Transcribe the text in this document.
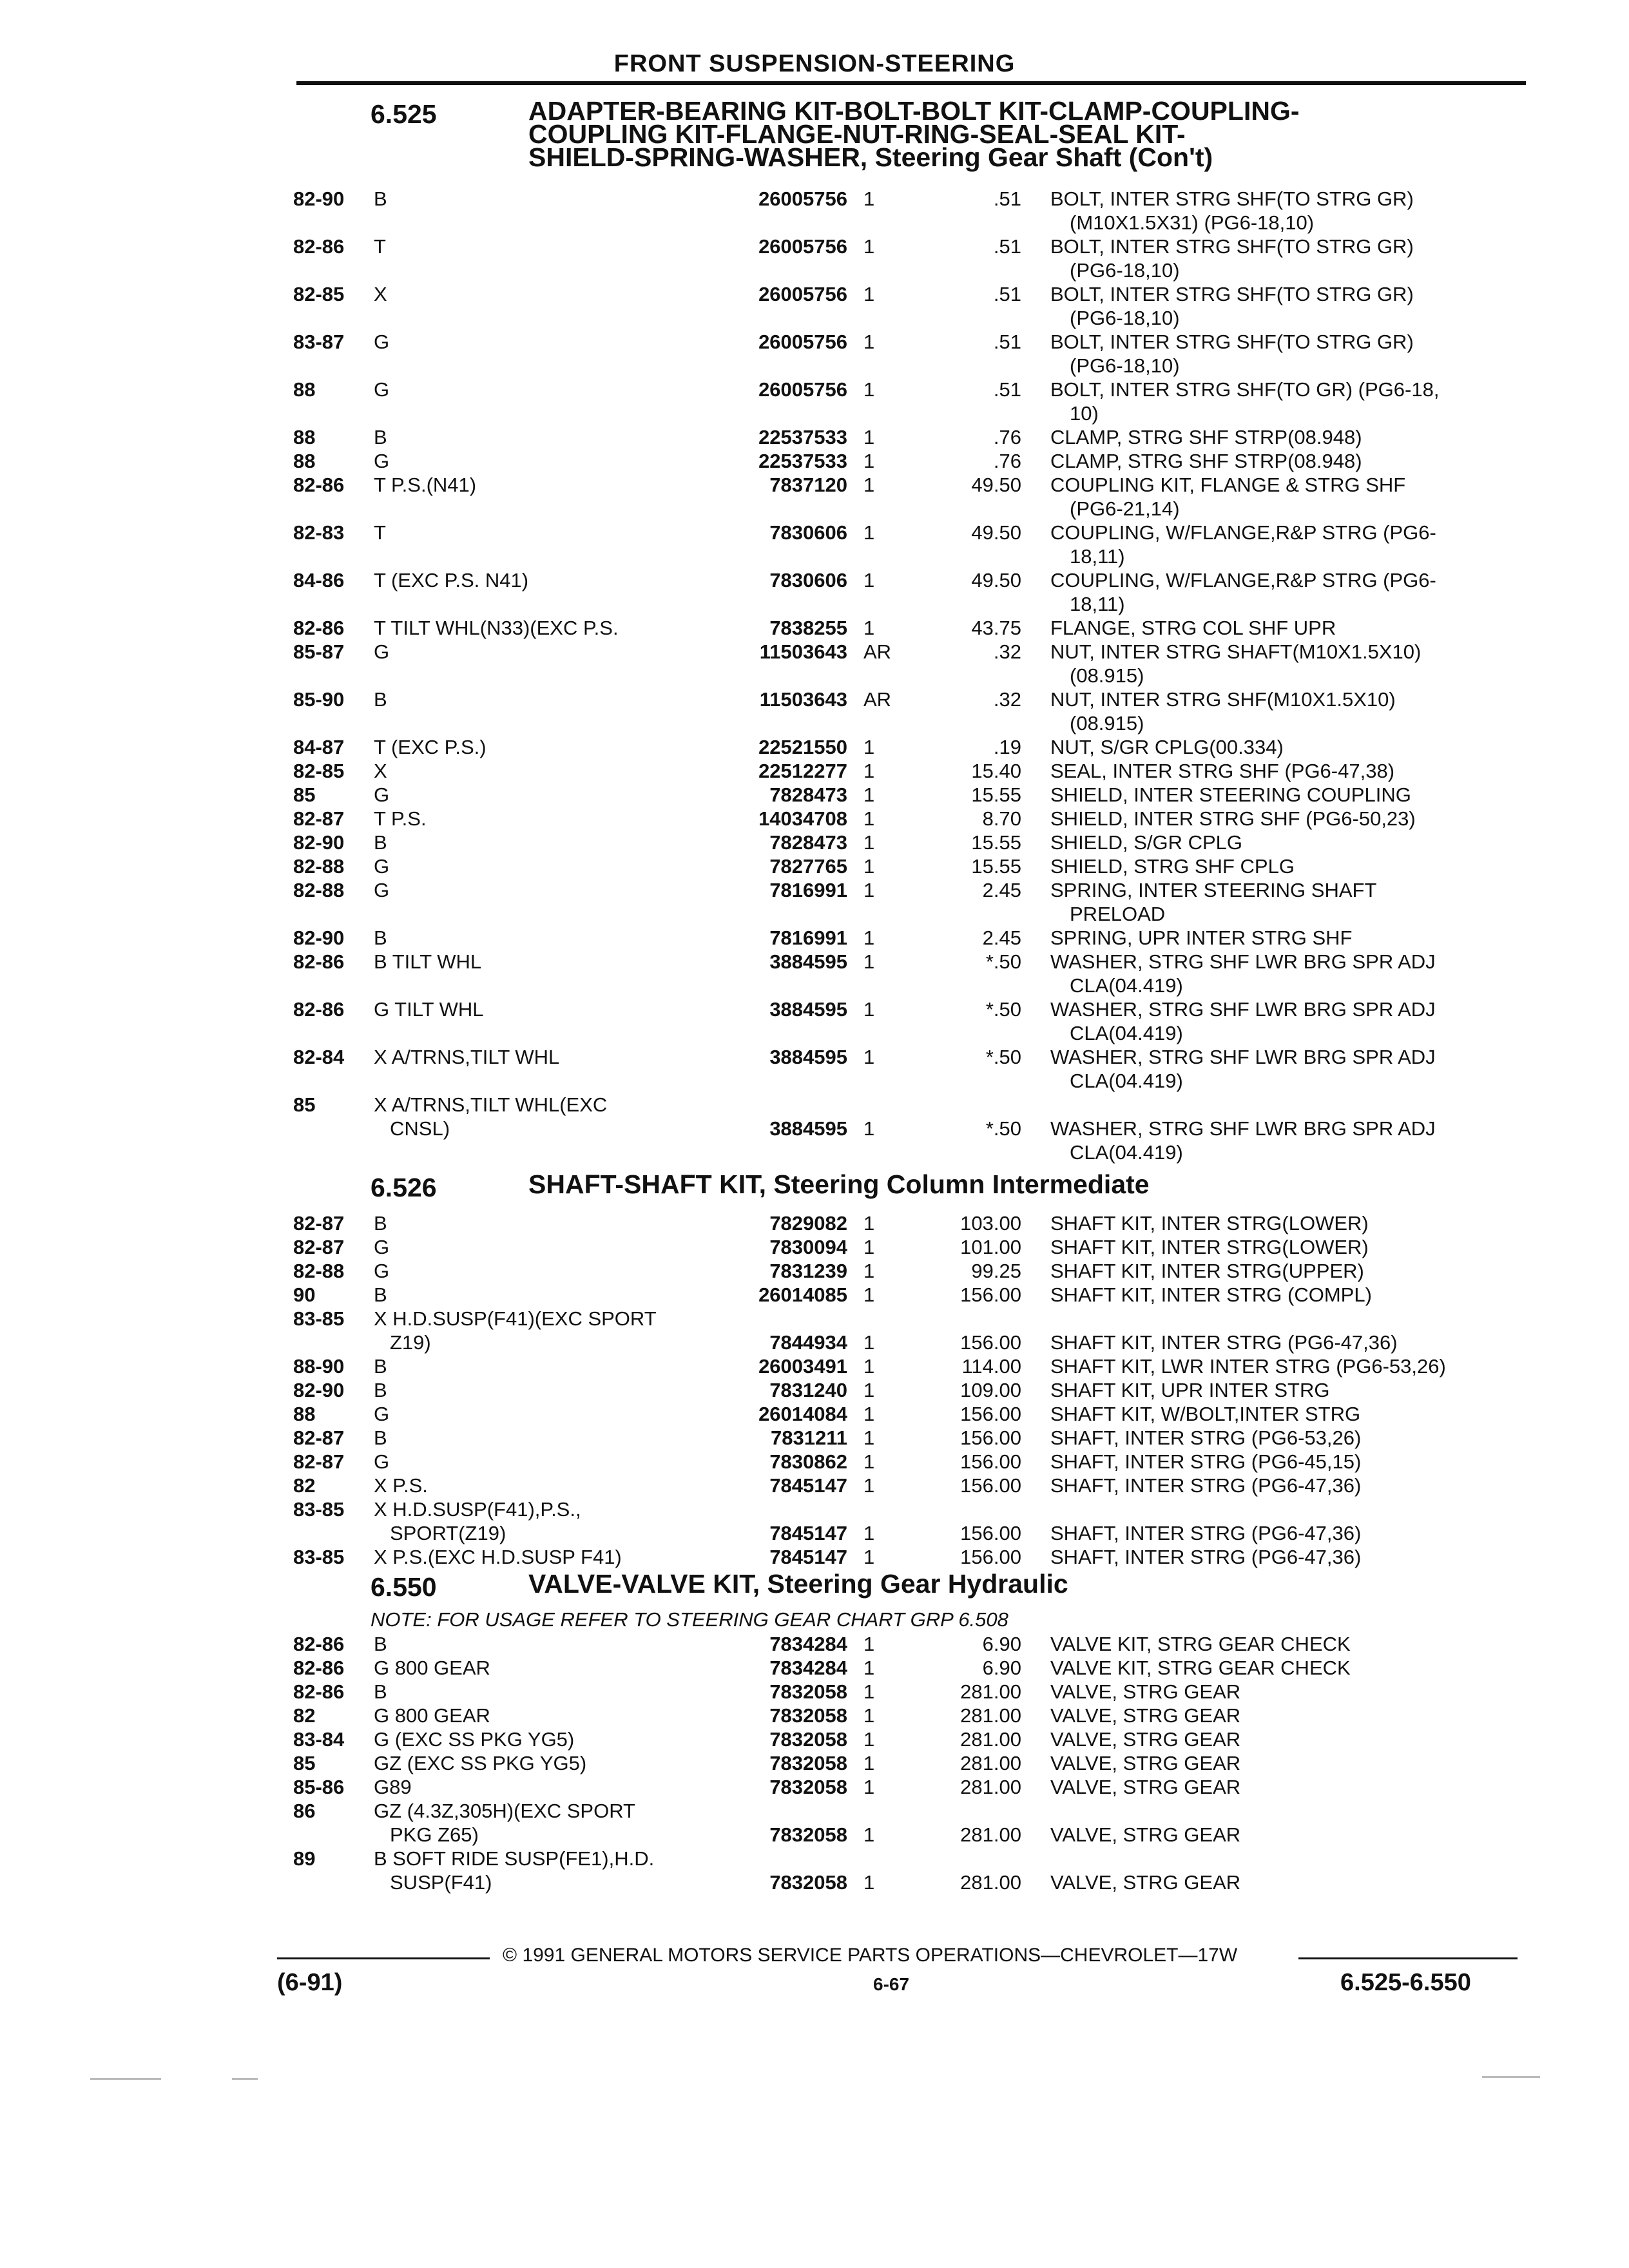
FRONT SUSPENSION-STEERING
6.525	ADAPTER-BEARING KIT-BOLT-BOLT KIT-CLAMP-COUPLING-
COUPLING KIT-FLANGE-NUT-RING-SEAL-SEAL KIT-
SHIELD-SPRING-WASHER, Steering Gear Shaft (Con't)
82-90 B	26005756 1	.51 BOLT, INTER STRG SHF(TO STRG GR)
(M10X1.5X31) (PG6-18,10)
82-86 T	26005756 1	.51 BOLT, INTER STRG SHF(TO STRG GR)
(PG6-18,10)
82-85 X	26005756 1	.51 BOLT, INTER STRG SHF(TO STRG GR)
(PG6-18,10)
83-87 G	26005756 1	.51 BOLT, INTER STRG SHF(TO STRG GR)
(PG6-18,10)
88	G	26005756 1	.51 BOLT, INTER STRG SHF(TO GR) (PG6-18,
10)
88	B	22537533 1	.76 CLAMP, STRG SHF STRP(08.948)
88	G	22537533 1	.76 CLAMP, STRG SHF STRP(08.948)
82-86 T P.S.(N41)	7837120 1	49.50 COUPLING KIT, FLANGE & STRG SHF
(PG6-21,14)
82-83 T	7830606 1	49.50 COUPLING, W/FLANGE,R&P STRG (PG6-
18,11)
84-86 T (EXC P.S. N41)	7830606 1	49.50 COUPLING, W/FLANGE,R&P STRG (PG6-
18,11)
82-86 T TILT WHL(N33)(EXC P.S.	7838255 1	43.75 FLANGE, STRG COL SHF UPR
85-87 G	11503643 AR	.32 NUT, INTER STRG SHAFT(M10X1.5X10)
(08.915)
85-90 B	11503643 AR	.32 NUT, INTER STRG SHF(M10X1.5X10)
(08.915)
84-87 T (EXC P.S.)	22521550 1	.19 NUT, S/GR CPLG(00.334)
82-85 X	22512277 1	15.40 SEAL, INTER STRG SHF (PG6-47,38)
85	G	7828473 1	15.55 SHIELD, INTER STEERING COUPLING
82-87 T P.S.	14034708 1	8.70 SHIELD, INTER STRG SHF (PG6-50,23)
82-90 B	7828473 1	15.55 SHIELD, S/GR CPLG
82-88 G	7827765 1	15.55 SHIELD, STRG SHF CPLG
82-88 G	7816991 1	2.45 SPRING, INTER STEERING SHAFT
PRELOAD
82-90 B	7816991 1	2.45 SPRING, UPR INTER STRG SHF
82-86 B TILT WHL	3884595 1	*.50 WASHER, STRG SHF LWR BRG SPR ADJ
CLA(04.419)
82-86 G TILT WHL	3884595 1	*.50 WASHER, STRG SHF LWR BRG SPR ADJ
CLA(04.419)
82-84 X A/TRNS,TILT WHL	3884595 1	*.50 WASHER, STRG SHF LWR BRG SPR ADJ
CLA(04.419)
85	X A/TRNS,TILT WHL(EXC
CNSL)	3884595 1	*.50 WASHER, STRG SHF LWR BRG SPR ADJ
CLA(04.419)
6.526	SHAFT-SHAFT KIT, Steering Column Intermediate
82-87 B	7829082 1	103.00 SHAFT KIT, INTER STRG(LOWER)
82-87 G	7830094 1	101.00 SHAFT KIT, INTER STRG(LOWER)
82-88 G	7831239 1	99.25 SHAFT KIT, INTER STRG(UPPER)
90	B	26014085 1	156.00 SHAFT KIT, INTER STRG (COMPL)
83-85 X H.D.SUSP(F41)(EXC SPORT
Z19)	7844934 1	156.00 SHAFT KIT, INTER STRG (PG6-47,36)
88-90 B	26003491 1	114.00 SHAFT KIT, LWR INTER STRG (PG6-53,26)
82-90 B	7831240 1	109.00 SHAFT KIT, UPR INTER STRG
88	G	26014084 1	156.00 SHAFT KIT, W/BOLT,INTER STRG
82-87 B	7831211 1	156.00 SHAFT, INTER STRG (PG6-53,26)
82-87 G	7830862 1	156.00 SHAFT, INTER STRG (PG6-45,15)
82	X P.S.	7845147 1	156.00 SHAFT, INTER STRG (PG6-47,36)
83-85 X H.D.SUSP(F41),P.S.,
SPORT(Z19)	7845147 1	156.00 SHAFT, INTER STRG (PG6-47,36)
83-85 X P.S.(EXC H.D.SUSP F41)	7845147 1	156.00 SHAFT, INTER STRG (PG6-47,36)
6.550	VALVE-VALVE KIT, Steering Gear Hydraulic
NOTE: FOR USAGE REFER TO STEERING GEAR CHART GRP 6.508
82-86 B	7834284 1	6.90 VALVE KIT, STRG GEAR CHECK
82-86 G 800 GEAR	7834284 1	6.90 VALVE KIT, STRG GEAR CHECK
82-86 B	7832058 1	281.00 VALVE, STRG GEAR
82	G 800 GEAR	7832058 1	281.00 VALVE, STRG GEAR
83-84 G (EXC SS PKG YG5)	7832058 1	281.00 VALVE, STRG GEAR
85	GZ (EXC SS PKG YG5)	7832058 1	281.00 VALVE, STRG GEAR
85-86 G89	7832058 1	281.00 VALVE, STRG GEAR
86	GZ (4.3Z,305H)(EXC SPORT
PKG Z65)	7832058 1	281.00 VALVE, STRG GEAR
89	B SOFT RIDE SUSP(FE1),H.D.
SUSP(F41)	7832058 1	281.00 VALVE, STRG GEAR
© 1991 GENERAL MOTORS SERVICE PARTS OPERATIONS—CHEVROLET—17W
(6-91)	6-67	6.525-6.550
